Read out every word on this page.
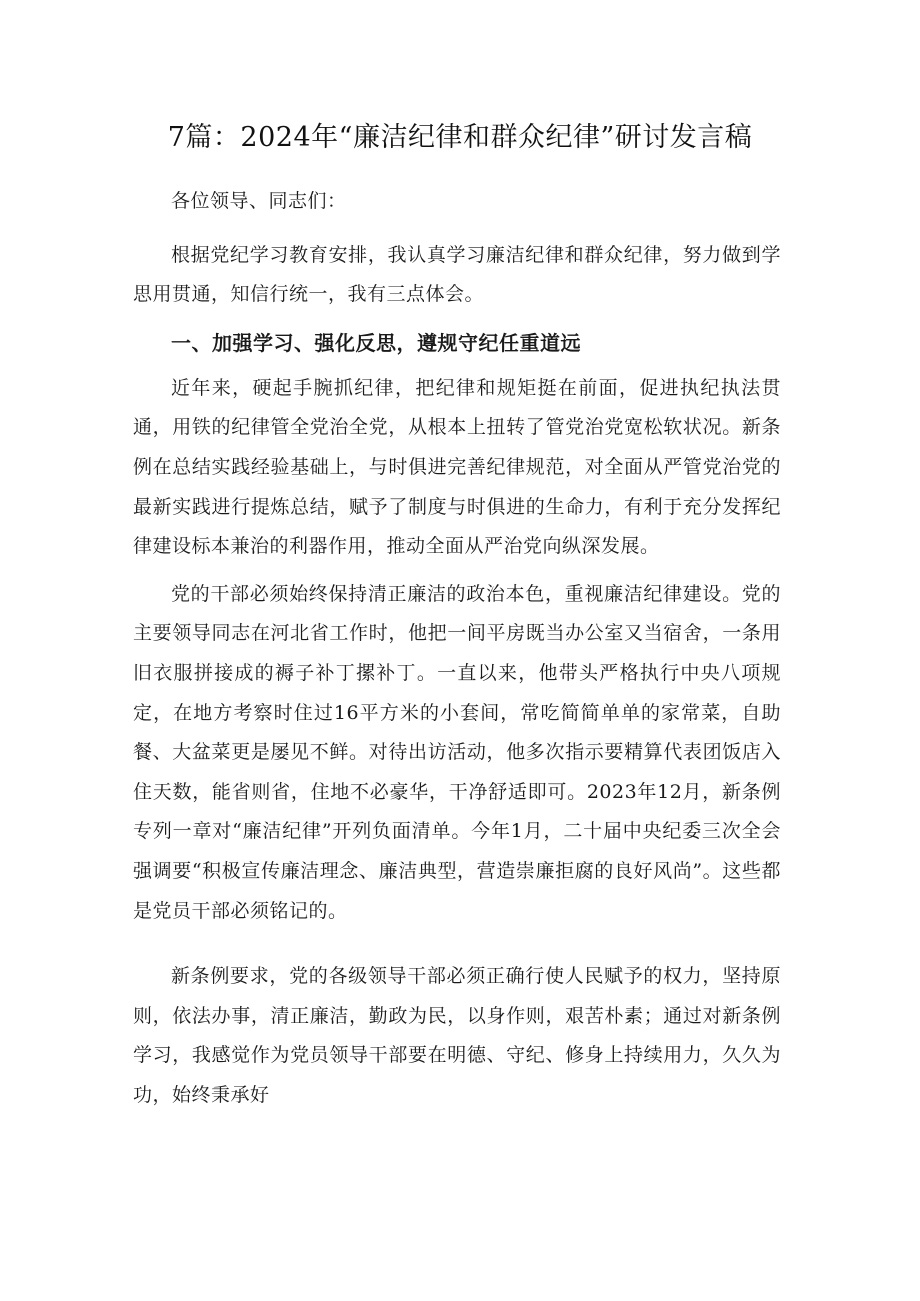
7篇：2024年“廉洁纪律和群众纪律”研讨发言稿

各位领导、同志们：

根据党纪学习教育安排，我认真学习廉洁纪律和群众纪律，努力做到学思用贯通，知信行统一，我有三点体会。

一、加强学习、强化反思，遵规守纪任重道远

近年来，硬起手腕抓纪律，把纪律和规矩挺在前面，促进执纪执法贯通，用铁的纪律管全党治全党，从根本上扭转了管党治党宽松软状况。新条例在总结实践经验基础上，与时俱进完善纪律规范，对全面从严管党治党的最新实践进行提炼总结，赋予了制度与时俱进的生命力，有利于充分发挥纪律建设标本兼治的利器作用，推动全面从严治党向纵深发展。

党的干部必须始终保持清正廉洁的政治本色，重视廉洁纪律建设。党的主要领导同志在河北省工作时，他把一间平房既当办公室又当宿舍，一条用旧衣服拼接成的褥子补丁摞补丁。一直以来，他带头严格执行中央八项规定，在地方考察时住过16平方米的小套间，常吃简简单单的家常菜，自助餐、大盆菜更是屡见不鲜。对待出访活动，他多次指示要精算代表团饭店入住天数，能省则省，住地不必豪华，干净舒适即可。2023年12月，新条例专列一章对“廉洁纪律”开列负面清单。今年1月，二十届中央纪委三次全会强调要“积极宣传廉洁理念、廉洁典型，营造崇廉拒腐的良好风尚”。这些都是党员干部必须铭记的。

新条例要求，党的各级领导干部必须正确行使人民赋予的权力，坚持原则，依法办事，清正廉洁，勤政为民，以身作则，艰苦朴素；通过对新条例学习，我感觉作为党员领导干部要在明德、守纪、修身上持续用力，久久为功，始终秉承好
